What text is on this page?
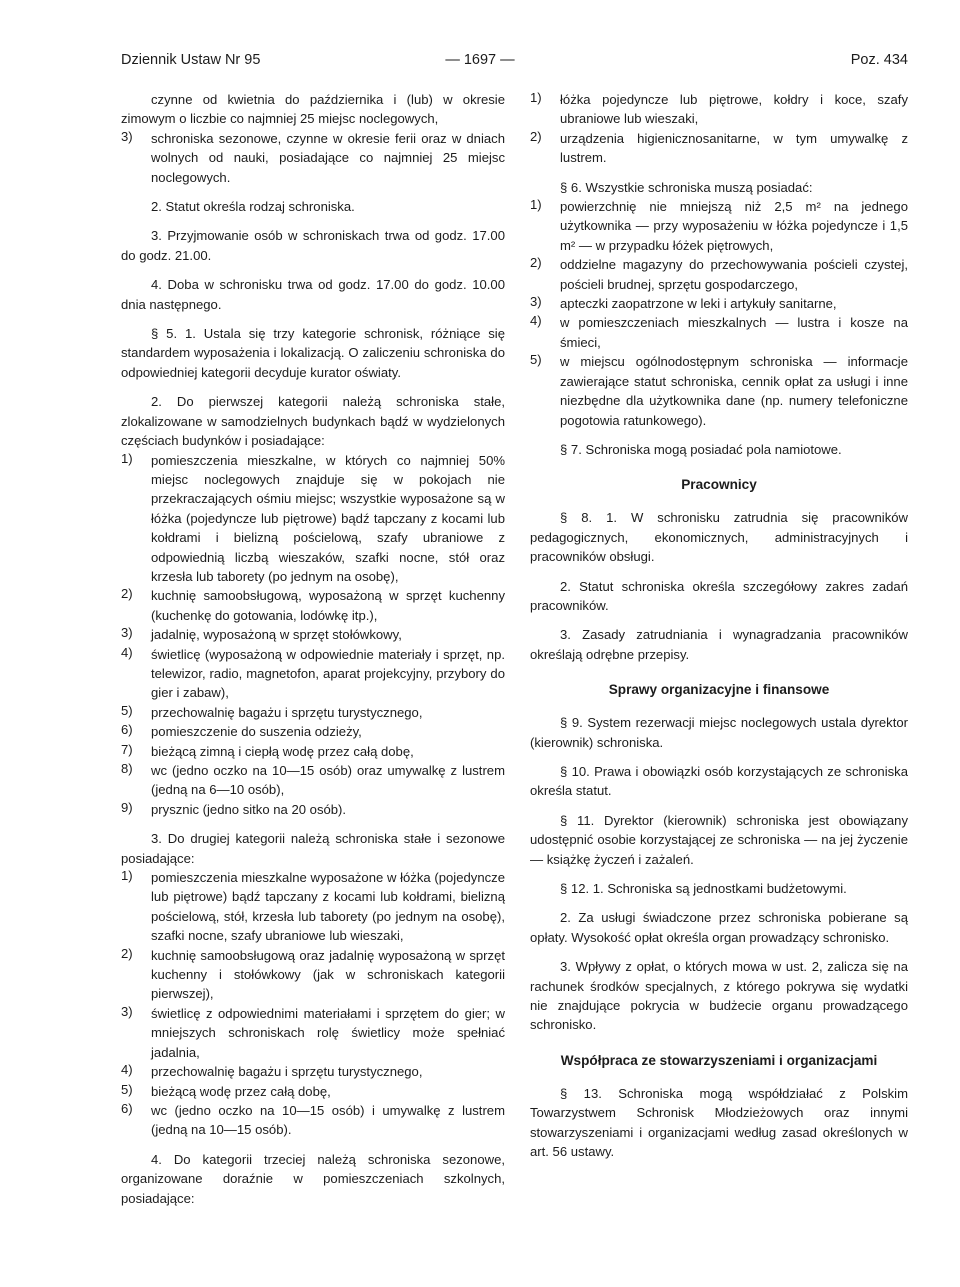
Dziennik Ustaw Nr 95	— 1697 —	Poz. 434

czynne od kwietnia do października i (lub) w okresie zimowym o liczbie co najmniej 25 miejsc noclegowych,

3)	schroniska sezonowe, czynne w okresie ferii oraz w dniach wolnych od nauki, posiadające co najmniej 25 miejsc noclegowych.

2. Statut określa rodzaj schroniska.

3. Przyjmowanie osób w schroniskach trwa od godz. 17.00 do godz. 21.00.

4. Doba w schronisku trwa od godz. 17.00 do godz. 10.00 dnia następnego.

§ 5. 1. Ustala się trzy kategorie schronisk, różniące się standardem wyposażenia i lokalizacją. O zaliczeniu schroniska do odpowiedniej kategorii decyduje kurator oświaty.

2. Do pierwszej kategorii należą schroniska stałe, zlokalizowane w samodzielnych budynkach bądź w wydzielonych częściach budynków i posiadające:

1)	pomieszczenia mieszkalne, w których co najmniej 50% miejsc noclegowych znajduje się w pokojach nie przekraczających ośmiu miejsc; wszystkie wyposażone są w łóżka (pojedyncze lub piętrowe) bądź tapczany z kocami lub kołdrami i bielizną pościelową, szafy ubraniowe z odpowiednią liczbą wieszaków, szafki nocne, stół oraz krzesła lub taborety (po jednym na osobę),

2)	kuchnię samoobsługową, wyposażoną w sprzęt kuchenny (kuchenkę do gotowania, lodówkę itp.),

3)	jadalnię, wyposażoną w sprzęt stołówkowy,

4)	świetlicę (wyposażoną w odpowiednie materiały i sprzęt, np. telewizor, radio, magnetofon, aparat projekcyjny, przybory do gier i zabaw),

5)	przechowalnię bagażu i sprzętu turystycznego,

6)	pomieszczenie do suszenia odzieży,

7)	bieżącą zimną i ciepłą wodę przez całą dobę,

8)	wc (jedno oczko na 10—15 osób) oraz umywalkę z lustrem (jedną na 6—10 osób),

9)	prysznic (jedno sitko na 20 osób).

3. Do drugiej kategorii należą schroniska stałe i sezonowe posiadające:

1)	pomieszczenia mieszkalne wyposażone w łóżka (pojedyncze lub piętrowe) bądź tapczany z kocami lub kołdrami, bielizną pościelową, stół, krzesła lub taborety (po jednym na osobę), szafki nocne, szafy ubraniowe lub wieszaki,

2)	kuchnię samoobsługową oraz jadalnię wyposażoną w sprzęt kuchenny i stołówkowy (jak w schroniskach kategorii pierwszej),

3)	świetlicę z odpowiednimi materiałami i sprzętem do gier; w mniejszych schroniskach rolę świetlicy może spełniać jadalnia,

4)	przechowalnię bagażu i sprzętu turystycznego,

5)	bieżącą wodę przez całą dobę,

6)	wc (jedno oczko na 10—15 osób) i umywalkę z lustrem (jedną na 10—15 osób).

4. Do kategorii trzeciej należą schroniska sezonowe, organizowane doraźnie w pomieszczeniach szkolnych, posiadające:

1)	łóżka pojedyncze lub piętrowe, kołdry i koce, szafy ubraniowe lub wieszaki,

2)	urządzenia higienicznosanitarne, w tym umywalkę z lustrem.

§ 6. Wszystkie schroniska muszą posiadać:

1)	powierzchnię nie mniejszą niż 2,5 m² na jednego użytkownika — przy wyposażeniu w łóżka pojedyncze i 1,5 m² — w przypadku łóżek piętrowych,

2)	oddzielne magazyny do przechowywania pościeli czystej, pościeli brudnej, sprzętu gospodarczego,

3)	apteczki zaopatrzone w leki i artykuły sanitarne,

4)	w pomieszczeniach mieszkalnych — lustra i kosze na śmieci,

5)	w miejscu ogólnodostępnym schroniska — informacje zawierające statut schroniska, cennik opłat za usługi i inne niezbędne dla użytkownika dane (np. numery telefoniczne pogotowia ratunkowego).

§ 7. Schroniska mogą posiadać pola namiotowe.

Pracownicy

§ 8. 1. W schronisku zatrudnia się pracowników pedagogicznych, ekonomicznych, administracyjnych i pracowników obsługi.

2. Statut schroniska określa szczegółowy zakres zadań pracowników.

3. Zasady zatrudniania i wynagradzania pracowników określają odrębne przepisy.

Sprawy organizacyjne i finansowe

§ 9. System rezerwacji miejsc noclegowych ustala dyrektor (kierownik) schroniska.

§ 10. Prawa i obowiązki osób korzystających ze schroniska określa statut.

§ 11. Dyrektor (kierownik) schroniska jest obowiązany udostępnić osobie korzystającej ze schroniska — na jej życzenie — książkę życzeń i zażaleń.

§ 12. 1. Schroniska są jednostkami budżetowymi.

2. Za usługi świadczone przez schroniska pobierane są opłaty. Wysokość opłat określa organ prowadzący schronisko.

3. Wpływy z opłat, o których mowa w ust. 2, zalicza się na rachunek środków specjalnych, z którego pokrywa się wydatki nie znajdujące pokrycia w budżecie organu prowadzącego schronisko.

Współpraca ze stowarzyszeniami i organizacjami

§ 13. Schroniska mogą współdziałać z Polskim Towarzystwem Schronisk Młodzieżowych oraz innymi stowarzyszeniami i organizacjami według zasad określonych w art. 56 ustawy.
